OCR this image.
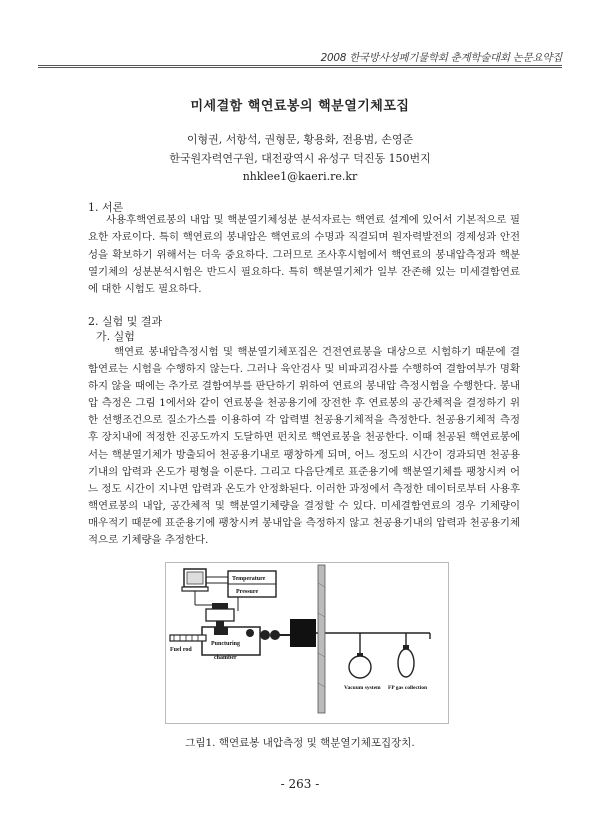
2008 한국방사성폐기물학회 춘계학술대회 논문요약집
미세결함 핵연료봉의 핵분열기체포집
이형권, 서항석, 권형문, 황용화, 전용범, 손영준
한국원자력연구원, 대전광역시 유성구 덕진동 150번지
nhklee1@kaeri.re.kr
1. 서론

사용후핵연료봉의 내압 및 핵분열기체성분 분석자료는 핵연료 설계에 있어서 기본적으로 필요한 자료이다. 특히 핵연료의 봉내압은 핵연료의 수명과 직결되며 원자력발전의 경제성과 안전성을 확보하기 위해서는 더욱 중요하다. 그러므로 조사후시험에서 핵연료의 봉내압측정과 핵분열기체의 성분분석시험은 반드시 필요하다. 특히 핵분열기체가 일부 잔존해 있는 미세결함연료에 대한 시험도 필요하다.

2. 실험 및 결과
가. 실험

핵연료 봉내압측정시험 및 핵분열기체포집은 건전연료봉을 대상으로 시험하기 때문에 결함연료는 시험을 수행하지 않는다. 그러나 육안검사 및 비파괴검사를 수행하여 결함여부가 명확하지 않을 때에는 추가로 결함여부를 판단하기 위하여 연료의 봉내압 측정시험을 수행한다. 봉내압 측정은 그림 1에서와 같이 연료봉을 천공용기에 장전한 후 연료봉의 공간체적을 결정하기 위한 선행조건으로 질소가스를 이용하여 각 압력별 천공용기체적을 측정한다. 천공용기체적 측정 후 장치내에 적정한 진공도까지 도달하면 펀치로 핵연료봉을 천공한다. 이때 천공된 핵연료봉에서는 핵분열기체가 방출되어 천공용기내로 팽창하게 되며, 어느 정도의 시간이 경과되면 천공용기내의 압력과 온도가 평형을 이룬다. 그리고 다음단계로 표준용기에 핵분열기체를 팽창시켜 어느 정도 시간이 지나면 압력과 온도가 안정화된다. 이러한 과정에서 측정한 데이터로부터 사용후핵연료봉의 내압, 공간체적 및 핵분열기체량을 결정할 수 있다. 미세결함연료의 경우 기체량이 매우적기 때문에 표준용기에 팽창시켜 봉내압을 측정하지 않고 천공용기내의 압력과 천공용기체적으로 기체량을 추정한다.

Temperature
Pressure
Puncturing
Fuel rod
chamber
Vacuum system FP gas collection
그림1. 핵연료봉 내압측정 및 핵분열기체포집장치.
- 263 -
